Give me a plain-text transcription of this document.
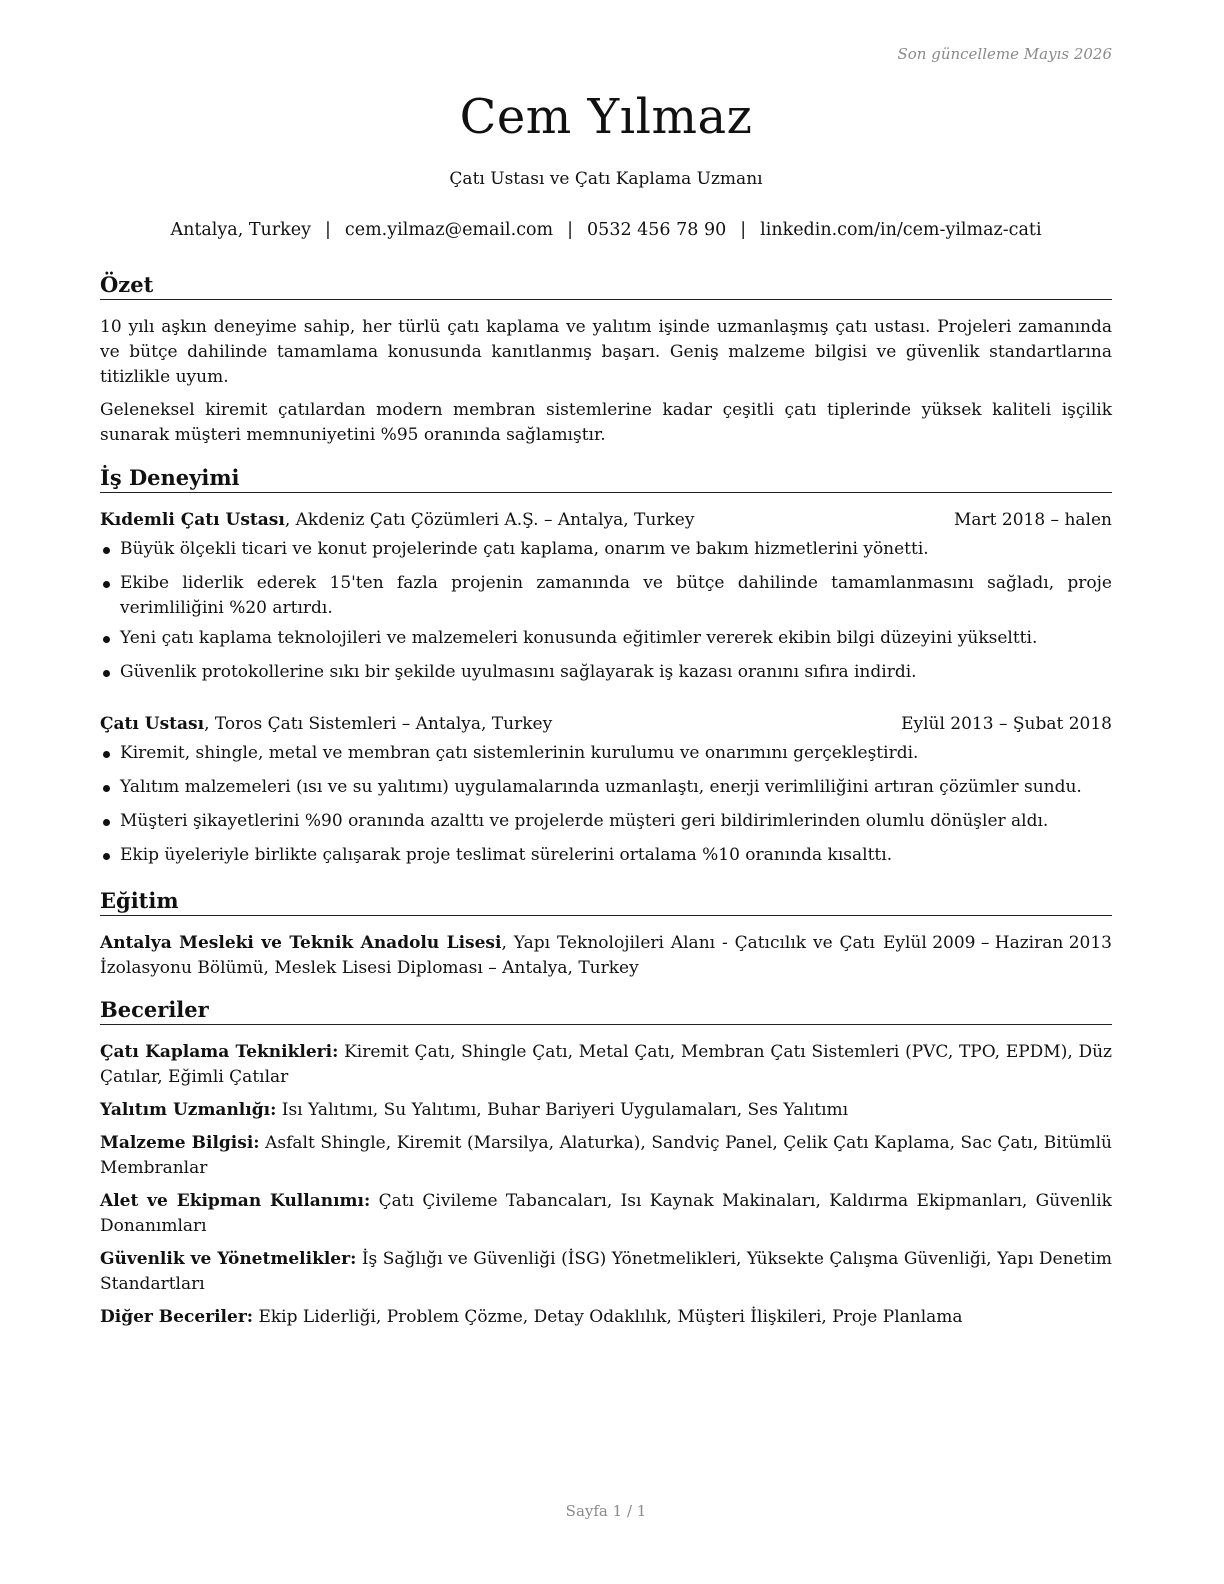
Son güncelleme Mayıs 2026
Cem Yılmaz
Çatı Ustası ve Çatı Kaplama Uzmanı
Antalya, Turkey | cem.yilmaz@email.com | 0532 456 78 90 | linkedin.com/in/cem-yilmaz-cati
Özet

10 yılı aşkın deneyime sahip, her türlü çatı kaplama ve yalıtım işinde uzmanlaşmış çatı ustası. Projeleri zamanında ve bütçe dahilinde tamamlama konusunda kanıtlanmış başarı. Geniş malzeme bilgisi ve güvenlik standartlarına titizlikle uyum.

Geleneksel kiremit çatılardan modern membran sistemlerine kadar çeşitli çatı tiplerinde yüksek kaliteli işçilik sunarak müşteri memnuniyetini %95 oranında sağlamıştır.

İş Deneyimi
Kıdemli Çatı Ustası, Akdeniz Çatı Çözümleri A.Ş. – Antalya, Turkey	Mart 2018 – halen
Büyük ölçekli ticari ve konut projelerinde çatı kaplama, onarım ve bakım hizmetlerini yönetti.
Ekibe liderlik ederek 15'ten fazla projenin zamanında ve bütçe dahilinde tamamlanmasını sağladı, proje verimliliğini %20 artırdı.
Yeni çatı kaplama teknolojileri ve malzemeleri konusunda eğitimler vererek ekibin bilgi düzeyini yükseltti.
Güvenlik protokollerine sıkı bir şekilde uyulmasını sağlayarak iş kazası oranını sıfıra indirdi.
Çatı Ustası, Toros Çatı Sistemleri – Antalya, Turkey	Eylül 2013 – Şubat 2018
Kiremit, shingle, metal ve membran çatı sistemlerinin kurulumu ve onarımını gerçekleştirdi.
Yalıtım malzemeleri (ısı ve su yalıtımı) uygulamalarında uzmanlaştı, enerji verimliliğini artıran çözümler sundu.
Müşteri şikayetlerini %90 oranında azalttı ve projelerde müşteri geri bildirimlerinden olumlu dönüşler aldı.
Ekip üyeleriyle birlikte çalışarak proje teslimat sürelerini ortalama %10 oranında kısalttı.
Eğitim
Antalya Mesleki ve Teknik Anadolu Lisesi, Yapı Teknolojileri Alanı - Çatıcılık ve Çatı İzolasyonu Bölümü, Meslek Lisesi Diploması – Antalya, Turkey
Eylül 2009 – Haziran 2013
Beceriler

Çatı Kaplama Teknikleri: Kiremit Çatı, Shingle Çatı, Metal Çatı, Membran Çatı Sistemleri (PVC, TPO, EPDM), Düz Çatılar, Eğimli Çatılar

Yalıtım Uzmanlığı: Isı Yalıtımı, Su Yalıtımı, Buhar Bariyeri Uygulamaları, Ses Yalıtımı

Malzeme Bilgisi: Asfalt Shingle, Kiremit (Marsilya, Alaturka), Sandviç Panel, Çelik Çatı Kaplama, Sac Çatı, Bitümlü Membranlar

Alet ve Ekipman Kullanımı: Çatı Çivileme Tabancaları, Isı Kaynak Makinaları, Kaldırma Ekipmanları, Güvenlik Donanımları

Güvenlik ve Yönetmelikler: İş Sağlığı ve Güvenliği (İSG) Yönetmelikleri, Yüksekte Çalışma Güvenliği, Yapı Denetim Standartları

Diğer Beceriler: Ekip Liderliği, Problem Çözme, Detay Odaklılık, Müşteri İlişkileri, Proje Planlama

Sayfa 1 / 1
